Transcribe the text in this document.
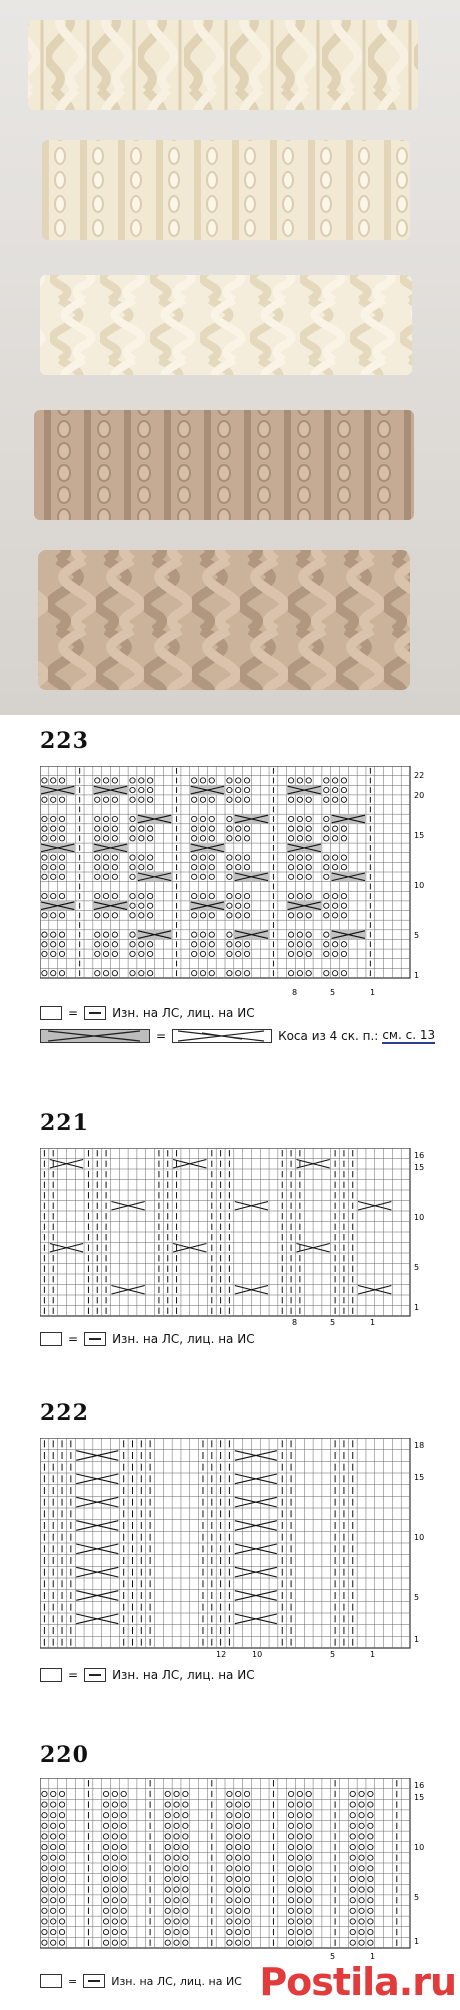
223
22
20
15
10
5
1
8	5	1
=	Изн. на ЛС, лиц. на ИС
=	Коса из 4 ск. п.: см. с. 13
221
16
15
10
5
1
8	5	1
=	Изн. на ЛС, лиц. на ИС
222
18
15
10
5
1
12	10	5	1
=	Изн. на ЛС, лиц. на ИС
220
16
15
10
5
1
5	1
=	Изн. на ЛС, лиц. на ИС Postila.ru
